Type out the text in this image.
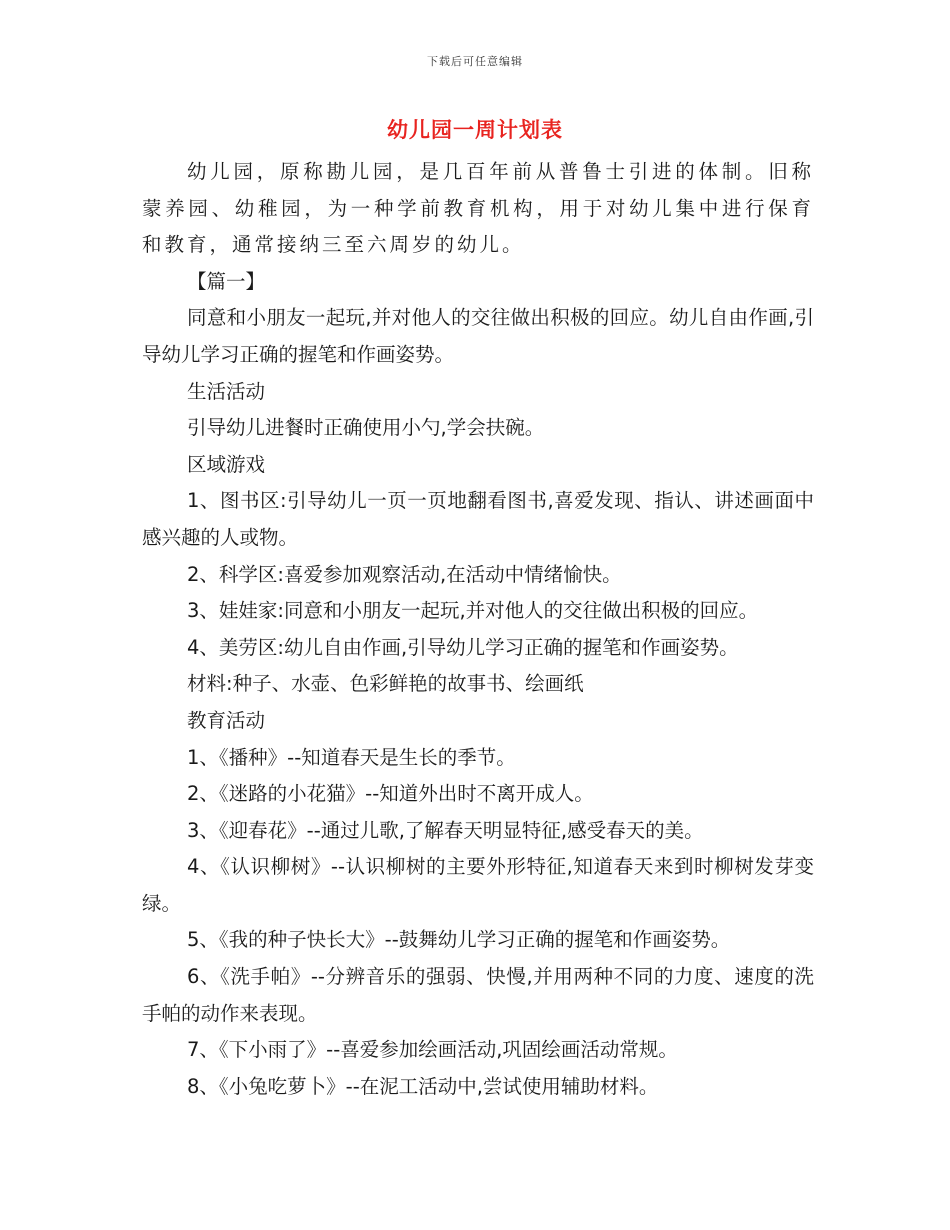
下载后可任意编辑
幼儿园一周计划表

幼儿园，原称勘儿园，是几百年前从普鲁士引进的体制。旧称蒙养园、幼稚园，为一种学前教育机构，用于对幼儿集中进行保育和教育，通常接纳三至六周岁的幼儿。

【篇一】

同意和小朋友一起玩,并对他人的交往做出积极的回应。幼儿自由作画,引导幼儿学习正确的握笔和作画姿势。

生活活动

引导幼儿进餐时正确使用小勺,学会扶碗。

区域游戏

1、图书区:引导幼儿一页一页地翻看图书,喜爱发现、指认、讲述画面中感兴趣的人或物。

2、科学区:喜爱参加观察活动,在活动中情绪愉快。

3、娃娃家:同意和小朋友一起玩,并对他人的交往做出积极的回应。

4、美劳区:幼儿自由作画,引导幼儿学习正确的握笔和作画姿势。

材料:种子、水壶、色彩鲜艳的故事书、绘画纸

教育活动

1、《播种》--知道春天是生长的季节。

2、《迷路的小花猫》--知道外出时不离开成人。

3、《迎春花》--通过儿歌,了解春天明显特征,感受春天的美。

4、《认识柳树》--认识柳树的主要外形特征,知道春天来到时柳树发芽变绿。

5、《我的种子快长大》--鼓舞幼儿学习正确的握笔和作画姿势。

6、《洗手帕》--分辨音乐的强弱、快慢,并用两种不同的力度、速度的洗手帕的动作来表现。

7、《下小雨了》--喜爱参加绘画活动,巩固绘画活动常规。

8、《小兔吃萝卜》--在泥工活动中,尝试使用辅助材料。
